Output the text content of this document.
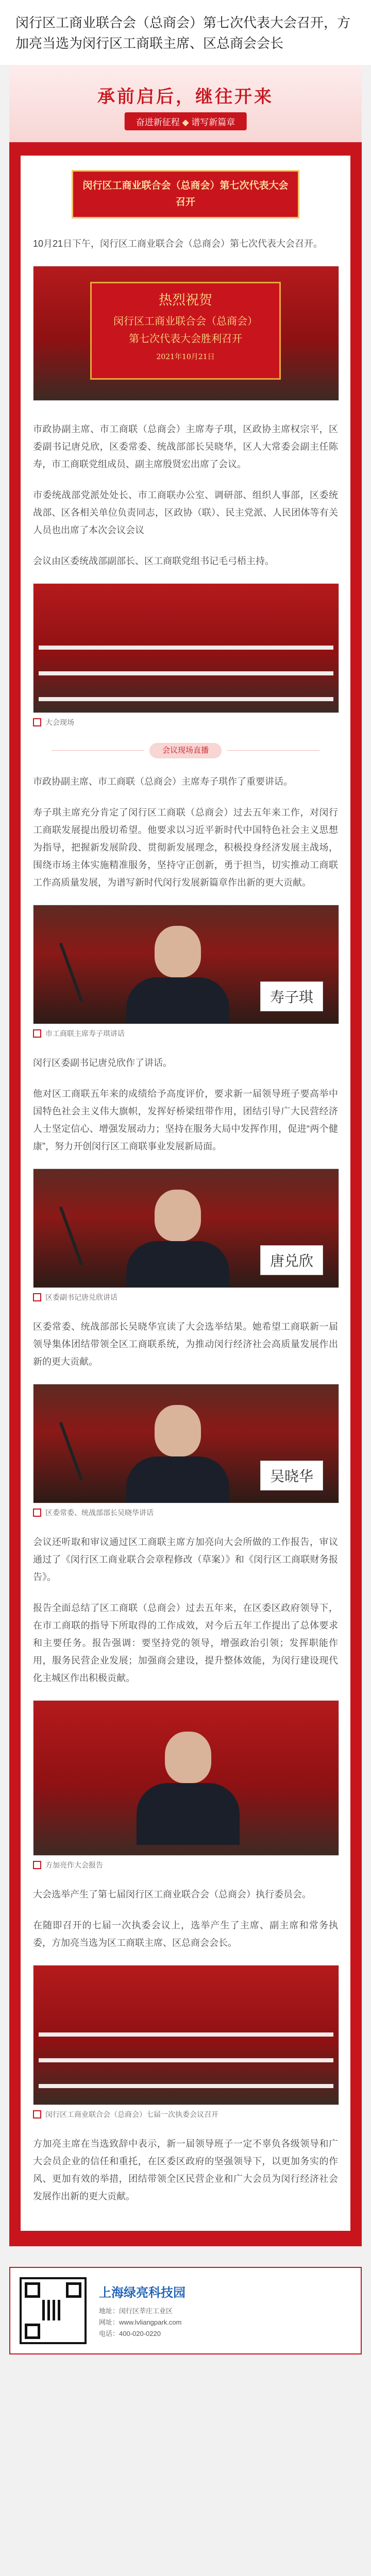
闵行区工商业联合会（总商会）第七次代表大会召开，方加亮当选为闵行区工商联主席、区总商会会长
承前启后，继往开来
奋进新征程 ◆ 谱写新篇章
闵行区工商业联合会（总商会）第七次代表大会召开

10月21日下午，闵行区工商业联合会（总商会）第七次代表大会召开。

热烈祝贺
闵行区工商业联合会（总商会）
第七次代表大会胜利召开
2021年10月21日

市政协副主席、市工商联（总商会）主席寿子琪，区政协主席权宗平，区委副书记唐兑欣，区委常委、统战部部长吴晓华，区人大常委会副主任陈寿，市工商联党组成员、副主席殷贤宏出席了会议。

市委统战部党派处处长、市工商联办公室、调研部、组织人事部，区委统战部、区各相关单位负责同志，区政协（联）、民主党派、人民团体等有关人员也出席了本次会议会议

会议由区委统战部副部长、区工商联党组书记毛弓梧主持。

大会现场
会议现场直播

市政协副主席、市工商联（总商会）主席寿子琪作了重要讲话。

寿子琪主席充分肯定了闵行区工商联（总商会）过去五年来工作，对闵行工商联发展提出殷切希望。他要求以习近平新时代中国特色社会主义思想为指导，把握新发展阶段、贯彻新发展理念，积极投身经济发展主战场，围绕市场主体实施精准服务，坚持守正创新，勇于担当，切实推动工商联工作高质量发展，为谱写新时代闵行发展新篇章作出新的更大贡献。

寿子琪
市工商联主席寿子琪讲话

闵行区委副书记唐兑欣作了讲话。

他对区工商联五年来的成绩给予高度评价，要求新一届领导班子要高举中国特色社会主义伟大旗帜，发挥好桥梁纽带作用，团结引导广大民营经济人士坚定信心、增强发展动力；坚持在服务大局中发挥作用，促进“两个健康”，努力开创闵行区工商联事业发展新局面。

唐兑欣
区委副书记唐兑欣讲话

区委常委、统战部部长吴晓华宣读了大会选举结果。她希望工商联新一届领导集体团结带领全区工商联系统，为推动闵行经济社会高质量发展作出新的更大贡献。

吴晓华
区委常委、统战部部长吴晓华讲话

会议还听取和审议通过区工商联主席方加亮向大会所做的工作报告，审议通过了《闵行区工商业联合会章程修改（草案）》和《闵行区工商联财务报告》。

报告全面总结了区工商联（总商会）过去五年来，在区委区政府领导下，在市工商联的指导下所取得的工作成效，对今后五年工作提出了总体要求和主要任务。报告强调：要坚持党的领导，增强政治引领；发挥职能作用，服务民营企业发展；加强商会建设，提升整体效能，为闵行建设现代化主城区作出积极贡献。

方加亮作大会报告

大会选举产生了第七届闵行区工商业联合会（总商会）执行委员会。

在随即召开的七届一次执委会议上，选举产生了主席、副主席和常务执委，方加亮当选为区工商联主席、区总商会会长。

闵行区工商业联合会（总商会）七届一次执委会议召开

方加亮主席在当选致辞中表示，新一届领导班子一定不辜负各级领导和广大会员企业的信任和重托，在区委区政府的坚强领导下，以更加务实的作风、更加有效的举措，团结带领全区民营企业和广大会员为闵行经济社会发展作出新的更大贡献。

上海绿亮科技园
地址：闵行区莘庄工业区
网址：www.lvliangpark.com
电话：400-020-0220
